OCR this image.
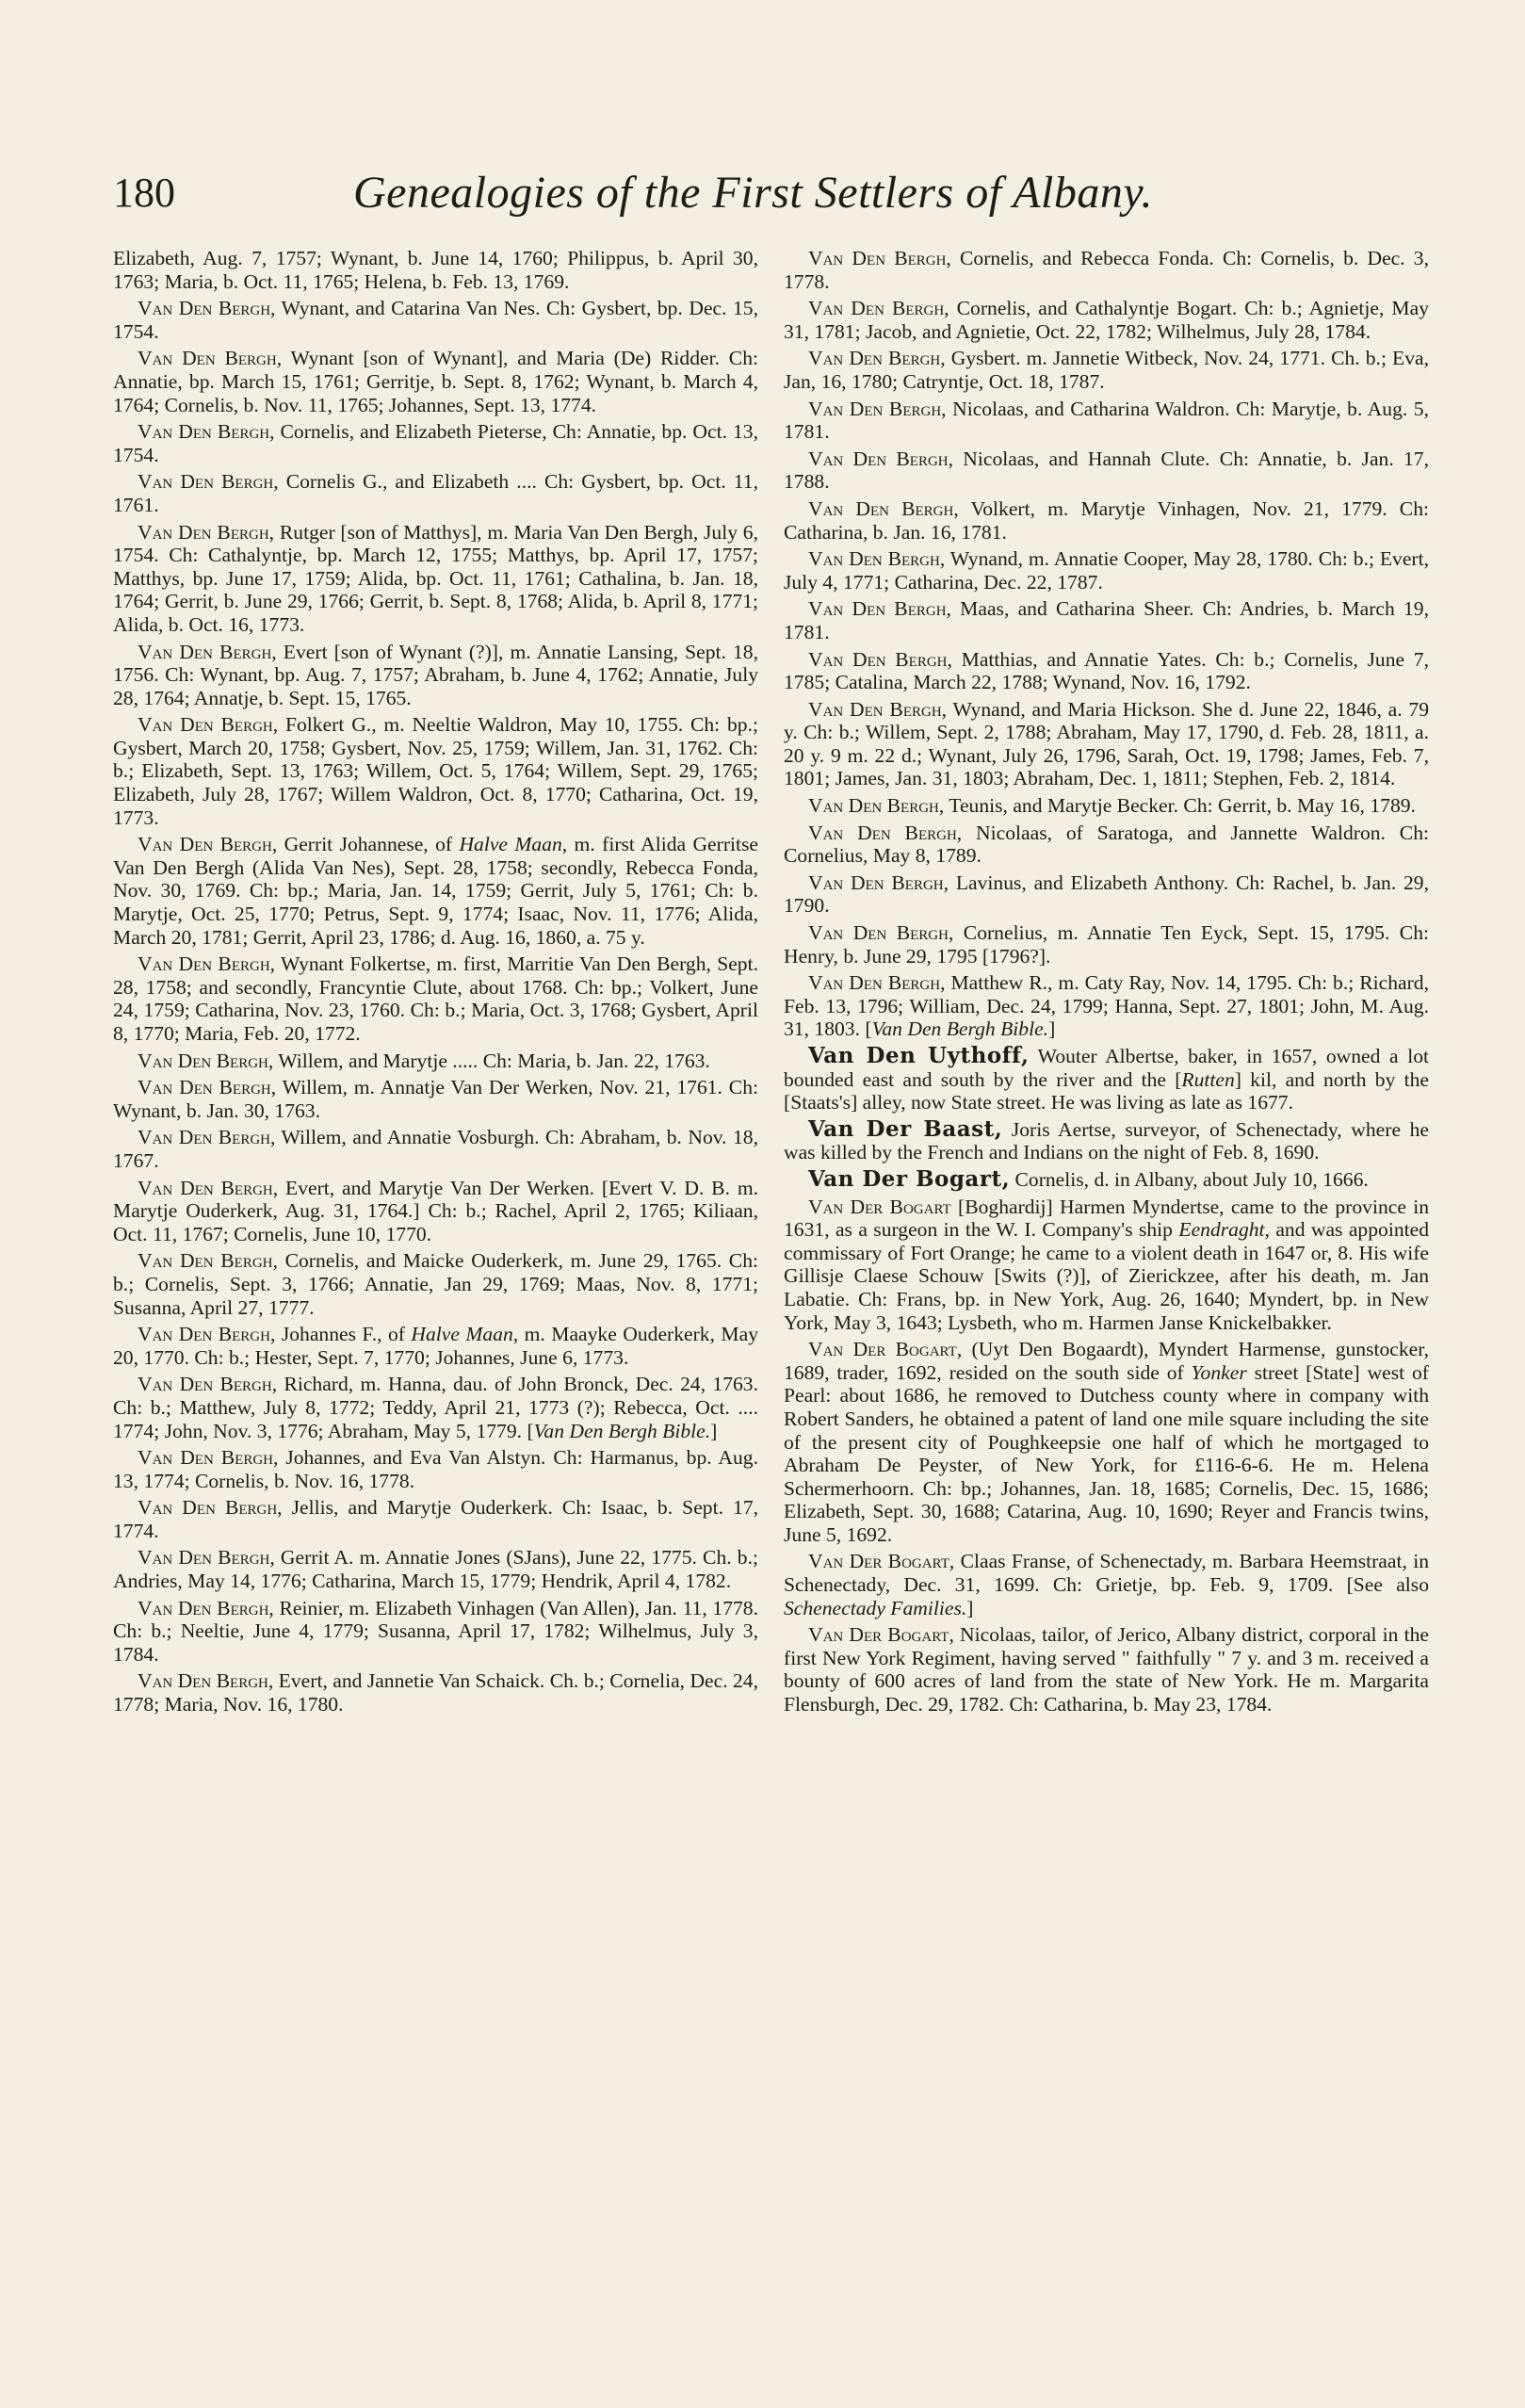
180	Genealogies of the First Settlers of Albany.

Elizabeth, Aug. 7, 1757; Wynant, b. June 14, 1760; Philippus, b. April 30, 1763; Maria, b. Oct. 11, 1765; Helena, b. Feb. 13, 1769.

Van Den Bergh, Wynant, and Catarina Van Nes. Ch: Gysbert, bp. Dec. 15, 1754.

Van Den Bergh, Wynant [son of Wynant], and Maria (De) Ridder. Ch: Annatie, bp. March 15, 1761; Gerritje, b. Sept. 8, 1762; Wynant, b. March 4, 1764; Cornelis, b. Nov. 11, 1765; Johannes, Sept. 13, 1774.

Van Den Bergh, Cornelis, and Elizabeth Pieterse, Ch: Annatie, bp. Oct. 13, 1754.

Van Den Bergh, Cornelis G., and Elizabeth .... Ch: Gysbert, bp. Oct. 11, 1761.

Van Den Bergh, Rutger [son of Matthys], m. Maria Van Den Bergh, July 6, 1754. Ch: Cathalyntje, bp. March 12, 1755; Matthys, bp. April 17, 1757; Matthys, bp. June 17, 1759; Alida, bp. Oct. 11, 1761; Cathalina, b. Jan. 18, 1764; Gerrit, b. June 29, 1766; Gerrit, b. Sept. 8, 1768; Alida, b. April 8, 1771; Alida, b. Oct. 16, 1773.

Van Den Bergh, Evert [son of Wynant (?)], m. Annatie Lansing, Sept. 18, 1756. Ch: Wynant, bp. Aug. 7, 1757; Abraham, b. June 4, 1762; Annatie, July 28, 1764; Annatje, b. Sept. 15, 1765.

Van Den Bergh, Folkert G., m. Neeltie Waldron, May 10, 1755. Ch: bp.; Gysbert, March 20, 1758; Gysbert, Nov. 25, 1759; Willem, Jan. 31, 1762. Ch: b.; Elizabeth, Sept. 13, 1763; Willem, Oct. 5, 1764; Willem, Sept. 29, 1765; Elizabeth, July 28, 1767; Willem Waldron, Oct. 8, 1770; Catharina, Oct. 19, 1773.

Van Den Bergh, Gerrit Johannese, of Halve Maan, m. first Alida Gerritse Van Den Bergh (Alida Van Nes), Sept. 28, 1758; secondly, Rebecca Fonda, Nov. 30, 1769. Ch: bp.; Maria, Jan. 14, 1759; Gerrit, July 5, 1761; Ch: b. Marytje, Oct. 25, 1770; Petrus, Sept. 9, 1774; Isaac, Nov. 11, 1776; Alida, March 20, 1781; Gerrit, April 23, 1786; d. Aug. 16, 1860, a. 75 y.

Van Den Bergh, Wynant Folkertse, m. first, Marritie Van Den Bergh, Sept. 28, 1758; and secondly, Francyntie Clute, about 1768. Ch: bp.; Volkert, June 24, 1759; Catharina, Nov. 23, 1760. Ch: b.; Maria, Oct. 3, 1768; Gysbert, April 8, 1770; Maria, Feb. 20, 1772.

Van Den Bergh, Willem, and Marytje ..... Ch: Maria, b. Jan. 22, 1763.

Van Den Bergh, Willem, m. Annatje Van Der Werken, Nov. 21, 1761. Ch: Wynant, b. Jan. 30, 1763.

Van Den Bergh, Willem, and Annatie Vosburgh. Ch: Abraham, b. Nov. 18, 1767.

Van Den Bergh, Evert, and Marytje Van Der Werken. [Evert V. D. B. m. Marytje Ouderkerk, Aug. 31, 1764.] Ch: b.; Rachel, April 2, 1765; Kiliaan, Oct. 11, 1767; Cornelis, June 10, 1770.

Van Den Bergh, Cornelis, and Maicke Ouderkerk, m. June 29, 1765. Ch: b.; Cornelis, Sept. 3, 1766; Annatie, Jan 29, 1769; Maas, Nov. 8, 1771; Susanna, April 27, 1777.

Van Den Bergh, Johannes F., of Halve Maan, m. Maayke Ouderkerk, May 20, 1770. Ch: b.; Hester, Sept. 7, 1770; Johannes, June 6, 1773.

Van Den Bergh, Richard, m. Hanna, dau. of John Bronck, Dec. 24, 1763. Ch: b.; Matthew, July 8, 1772; Teddy, April 21, 1773 (?); Rebecca, Oct. .... 1774; John, Nov. 3, 1776; Abraham, May 5, 1779. [Van Den Bergh Bible.]

Van Den Bergh, Johannes, and Eva Van Alstyn. Ch: Harmanus, bp. Aug. 13, 1774; Cornelis, b. Nov. 16, 1778.

Van Den Bergh, Jellis, and Marytje Ouderkerk. Ch: Isaac, b. Sept. 17, 1774.

Van Den Bergh, Gerrit A. m. Annatie Jones (SJans), June 22, 1775. Ch. b.; Andries, May 14, 1776; Catharina, March 15, 1779; Hendrik, April 4, 1782.

Van Den Bergh, Reinier, m. Elizabeth Vinhagen (Van Allen), Jan. 11, 1778. Ch: b.; Neeltie, June 4, 1779; Susanna, April 17, 1782; Wilhelmus, July 3, 1784.

Van Den Bergh, Evert, and Jannetie Van Schaick. Ch. b.; Cornelia, Dec. 24, 1778; Maria, Nov. 16, 1780.

Van Den Bergh, Cornelis, and Rebecca Fonda. Ch: Cornelis, b. Dec. 3, 1778.

Van Den Bergh, Cornelis, and Cathalyntje Bogart. Ch: b.; Agnietje, May 31, 1781; Jacob, and Agnietie, Oct. 22, 1782; Wilhelmus, July 28, 1784.

Van Den Bergh, Gysbert. m. Jannetie Witbeck, Nov. 24, 1771. Ch. b.; Eva, Jan, 16, 1780; Catryntje, Oct. 18, 1787.

Van Den Bergh, Nicolaas, and Catharina Waldron. Ch: Marytje, b. Aug. 5, 1781.

Van Den Bergh, Nicolaas, and Hannah Clute. Ch: Annatie, b. Jan. 17, 1788.

Van Den Bergh, Volkert, m. Marytje Vinhagen, Nov. 21, 1779. Ch: Catharina, b. Jan. 16, 1781.

Van Den Bergh, Wynand, m. Annatie Cooper, May 28, 1780. Ch: b.; Evert, July 4, 1771; Catharina, Dec. 22, 1787.

Van Den Bergh, Maas, and Catharina Sheer. Ch: Andries, b. March 19, 1781.

Van Den Bergh, Matthias, and Annatie Yates. Ch: b.; Cornelis, June 7, 1785; Catalina, March 22, 1788; Wynand, Nov. 16, 1792.

Van Den Bergh, Wynand, and Maria Hickson. She d. June 22, 1846, a. 79 y. Ch: b.; Willem, Sept. 2, 1788; Abraham, May 17, 1790, d. Feb. 28, 1811, a. 20 y. 9 m. 22 d.; Wynant, July 26, 1796, Sarah, Oct. 19, 1798; James, Feb. 7, 1801; James, Jan. 31, 1803; Abraham, Dec. 1, 1811; Stephen, Feb. 2, 1814.

Van Den Bergh, Teunis, and Marytje Becker. Ch: Gerrit, b. May 16, 1789.

Van Den Bergh, Nicolaas, of Saratoga, and Jannette Waldron. Ch: Cornelius, May 8, 1789.

Van Den Bergh, Lavinus, and Elizabeth Anthony. Ch: Rachel, b. Jan. 29, 1790.

Van Den Bergh, Cornelius, m. Annatie Ten Eyck, Sept. 15, 1795. Ch: Henry, b. June 29, 1795 [1796?].

Van Den Bergh, Matthew R., m. Caty Ray, Nov. 14, 1795. Ch: b.; Richard, Feb. 13, 1796; William, Dec. 24, 1799; Hanna, Sept. 27, 1801; John, M. Aug. 31, 1803. [Van Den Bergh Bible.]

Van Den Uythoff, Wouter Albertse, baker, in 1657, owned a lot bounded east and south by the river and the [Rutten] kil, and north by the [Staats's] alley, now State street. He was living as late as 1677.

Van Der Baast, Joris Aertse, surveyor, of Schenectady, where he was killed by the French and Indians on the night of Feb. 8, 1690.

Van Der Bogart, Cornelis, d. in Albany, about July 10, 1666.

Van Der Bogart [Boghardij] Harmen Myndertse, came to the province in 1631, as a surgeon in the W. I. Company's ship Eendraght, and was appointed commissary of Fort Orange; he came to a violent death in 1647 or, 8. His wife Gillisje Claese Schouw [Swits (?)], of Zierickzee, after his death, m. Jan Labatie. Ch: Frans, bp. in New York, Aug. 26, 1640; Myndert, bp. in New York, May 3, 1643; Lysbeth, who m. Harmen Janse Knickelbakker.

Van Der Bogart, (Uyt Den Bogaardt), Myndert Harmense, gunstocker, 1689, trader, 1692, resided on the south side of Yonker street [State] west of Pearl: about 1686, he removed to Dutchess county where in company with Robert Sanders, he obtained a patent of land one mile square including the site of the present city of Poughkeepsie one half of which he mortgaged to Abraham De Peyster, of New York, for £116-6-6. He m. Helena Schermerhoorn. Ch: bp.; Johannes, Jan. 18, 1685; Cornelis, Dec. 15, 1686; Elizabeth, Sept. 30, 1688; Catarina, Aug. 10, 1690; Reyer and Francis twins, June 5, 1692.

Van Der Bogart, Claas Franse, of Schenectady, m. Barbara Heemstraat, in Schenectady, Dec. 31, 1699. Ch: Grietje, bp. Feb. 9, 1709. [See also Schenectady Families.]

Van Der Bogart, Nicolaas, tailor, of Jerico, Albany district, corporal in the first New York Regiment, having served " faithfully " 7 y. and 3 m. received a bounty of 600 acres of land from the state of New York. He m. Margarita Flensburgh, Dec. 29, 1782. Ch: Catharina, b. May 23, 1784.
